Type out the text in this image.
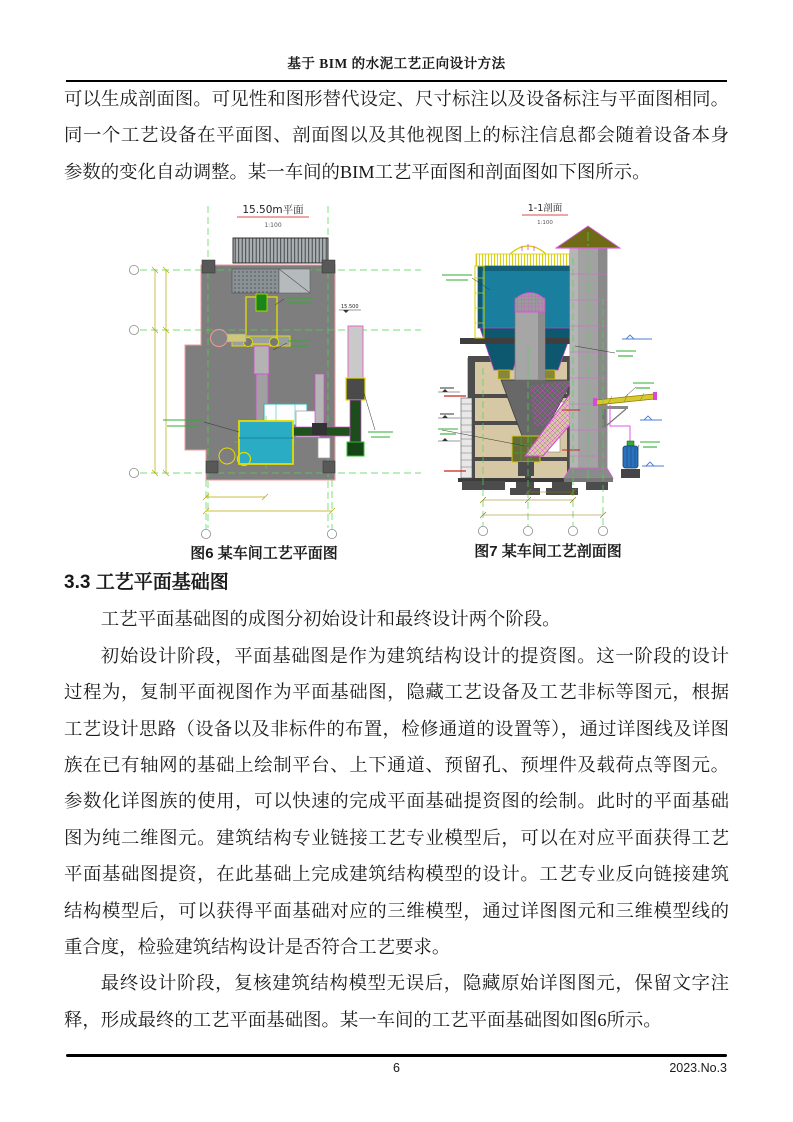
基于 BIM 的水泥工艺正向设计方法
可以生成剖面图。可见性和图形替代设定、尺寸标注以及设备标注与平面图相同。
同一个工艺设备在平面图、剖面图以及其他视图上的标注信息都会随着设备本身
参数的变化自动调整。某一车间的BIM工艺平面图和剖面图如下图所示。
15.50m平面
1:100
15.500
图6 某车间工艺平面图
1-1剖面
1:100
图7 某车间工艺剖面图
3.3 工艺平面基础图
工艺平面基础图的成图分初始设计和最终设计两个阶段。
初始设计阶段，平面基础图是作为建筑结构设计的提资图。这一阶段的设计
过程为，复制平面视图作为平面基础图，隐藏工艺设备及工艺非标等图元，根据
工艺设计思路（设备以及非标件的布置，检修通道的设置等），通过详图线及详图
族在已有轴网的基础上绘制平台、上下通道、预留孔、预埋件及载荷点等图元。
参数化详图族的使用，可以快速的完成平面基础提资图的绘制。此时的平面基础
图为纯二维图元。建筑结构专业链接工艺专业模型后，可以在对应平面获得工艺
平面基础图提资，在此基础上完成建筑结构模型的设计。工艺专业反向链接建筑
结构模型后，可以获得平面基础对应的三维模型，通过详图图元和三维模型线的
重合度，检验建筑结构设计是否符合工艺要求。
最终设计阶段，复核建筑结构模型无误后，隐藏原始详图图元，保留文字注
释，形成最终的工艺平面基础图。某一车间的工艺平面基础图如图6所示。
6	2023.No.3
